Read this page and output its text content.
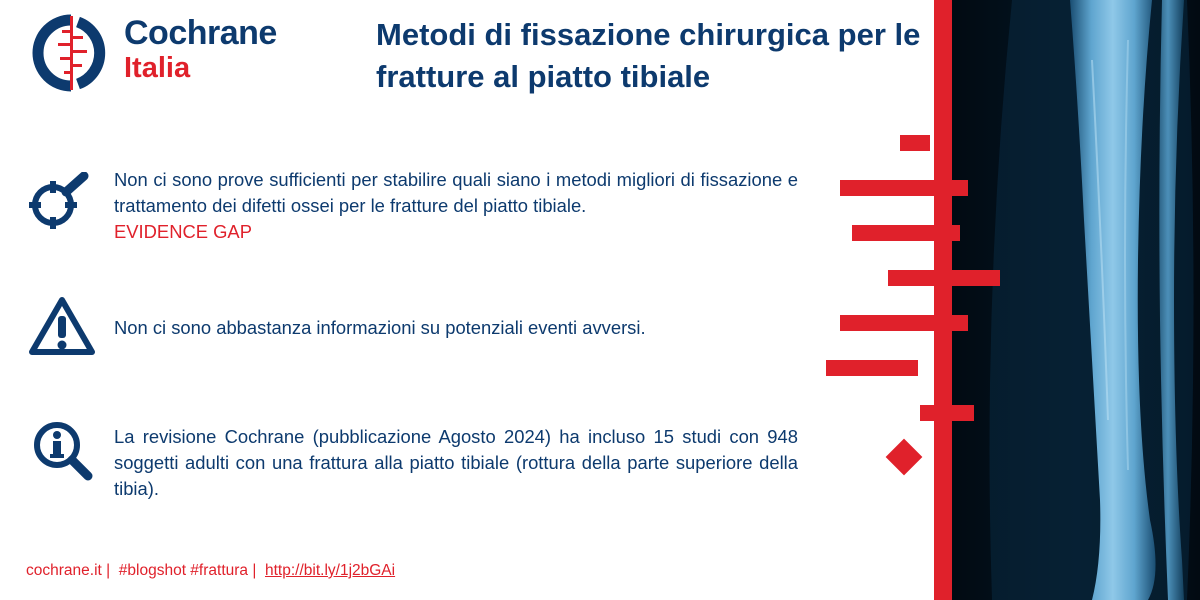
Cochrane
Italia
Metodi di fissazione chirurgica per le fratture al piatto tibiale
Non ci sono prove sufficienti per stabilire quali siano i metodi migliori di fissazione e trattamento dei difetti ossei per le fratture del piatto tibiale.
EVIDENCE GAP
Non ci sono abbastanza informazioni su potenziali eventi avversi.
La revisione Cochrane (pubblicazione Agosto 2024) ha incluso 15 studi con 948 soggetti adulti con una frattura alla piatto tibiale (rottura della parte superiore della tibia).
cochrane.it | #blogshot #frattura | http://bit.ly/1j2bGAi
